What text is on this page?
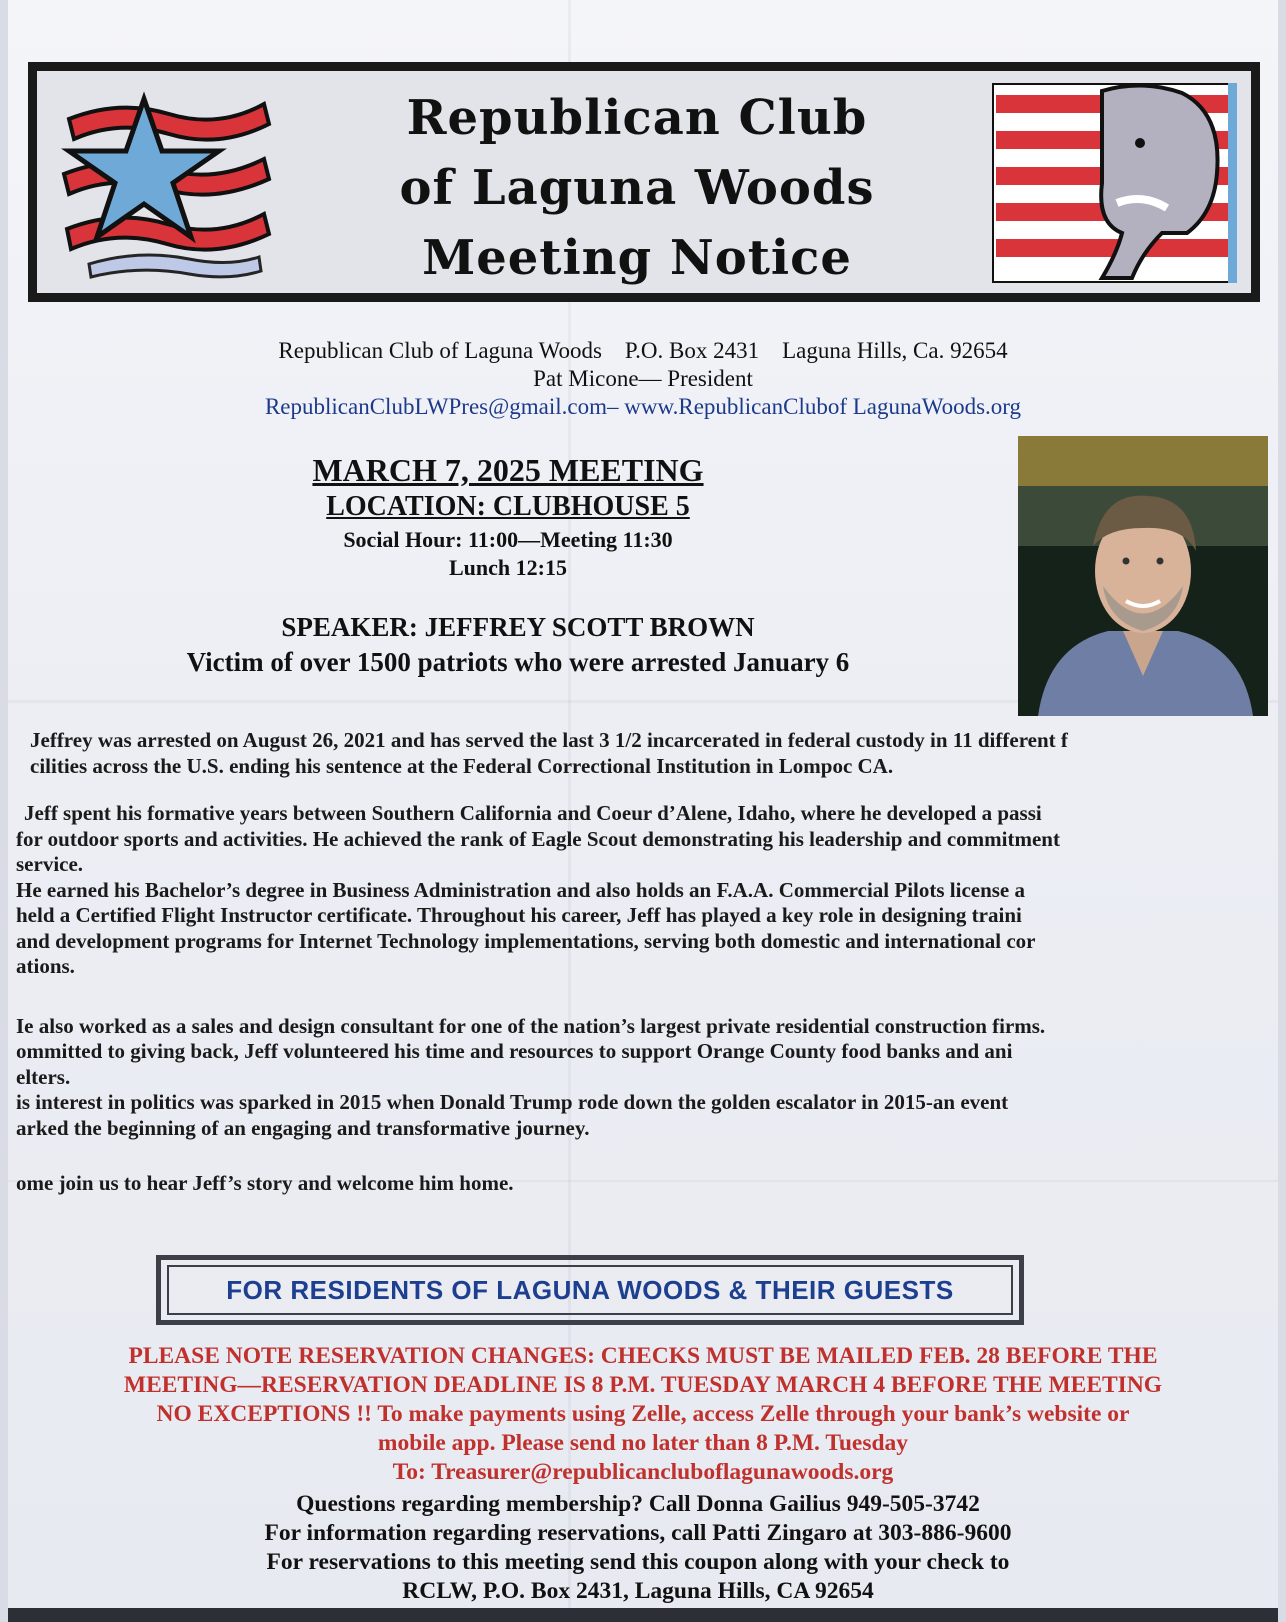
Republican Club
of Laguna Woods
Meeting Notice
Republican Club of Laguna Woods P.O. Box 2431 Laguna Hills, Ca. 92654
Pat Micone— President
RepublicanClubLWPres@gmail.com– www.RepublicanClubof LagunaWoods.org
MARCH 7, 2025 MEETING
LOCATION: CLUBHOUSE 5
Social Hour: 11:00—Meeting 11:30
Lunch 12:15
SPEAKER: JEFFREY SCOTT BROWN
Victim of over 1500 patriots who were arrested January 6

Jeffrey was arrested on August 26, 2021 and has served the last 3 1/2 incarcerated in federal custody in 11 different f
cilities across the U.S. ending his sentence at the Federal Correctional Institution in Lompoc CA.

Jeff spent his formative years between Southern California and Coeur d’Alene, Idaho, where he developed a passi
for outdoor sports and activities. He achieved the rank of Eagle Scout demonstrating his leadership and commitment
service.
He earned his Bachelor’s degree in Business Administration and also holds an F.A.A. Commercial Pilots license a
held a Certified Flight Instructor certificate. Throughout his career, Jeff has played a key role in designing traini
and development programs for Internet Technology implementations, serving both domestic and international cor
ations.

Ie also worked as a sales and design consultant for one of the nation’s largest private residential construction firms.
ommitted to giving back, Jeff volunteered his time and resources to support Orange County food banks and ani
elters.
is interest in politics was sparked in 2015 when Donald Trump rode down the golden escalator in 2015-an event
arked the beginning of an engaging and transformative journey.

ome join us to hear Jeff’s story and welcome him home.

FOR RESIDENTS OF LAGUNA WOODS & THEIR GUESTS
PLEASE NOTE RESERVATION CHANGES: CHECKS MUST BE MAILED FEB. 28 BEFORE THE
MEETING—RESERVATION DEADLINE IS 8 P.M. TUESDAY MARCH 4 BEFORE THE MEETING
NO EXCEPTIONS !! To make payments using Zelle, access Zelle through your bank’s website or
mobile app. Please send no later than 8 P.M. Tuesday
To: Treasurer@republicancluboflagunawoods.org
Questions regarding membership? Call Donna Gailius 949-505-3742
For information regarding reservations, call Patti Zingaro at 303-886-9600
For reservations to this meeting send this coupon along with your check to
RCLW, P.O. Box 2431, Laguna Hills, CA 92654
